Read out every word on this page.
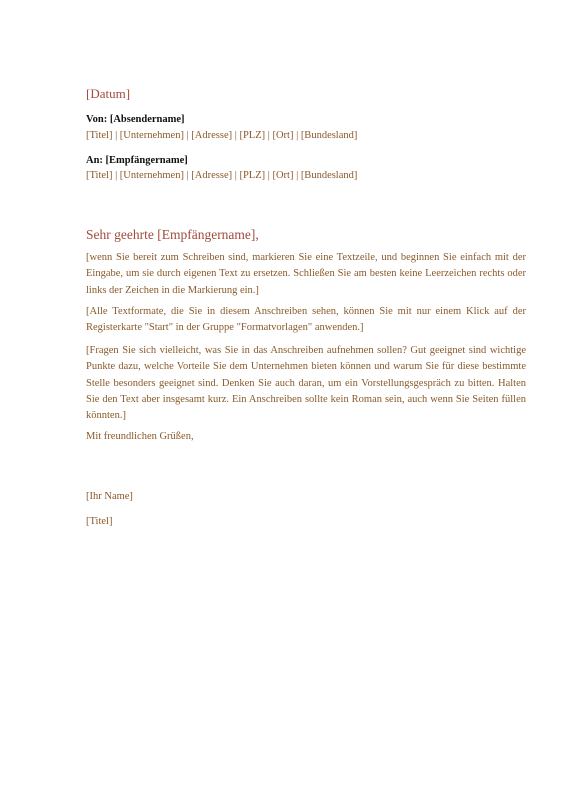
[Datum]
Von: [Absendername]
[Titel] | [Unternehmen] | [Adresse] | [PLZ] | [Ort] | [Bundesland]
An: [Empfängername]
[Titel] | [Unternehmen] | [Adresse] | [PLZ] | [Ort] | [Bundesland]
Sehr geehrte [Empfängername],
[wenn Sie bereit zum Schreiben sind, markieren Sie eine Textzeile, und beginnen Sie einfach mit der Eingabe, um sie durch eigenen Text zu ersetzen. Schließen Sie am besten keine Leerzeichen rechts oder links der Zeichen in die Markierung ein.]
[Alle Textformate, die Sie in diesem Anschreiben sehen, können Sie mit nur einem Klick auf der Registerkarte "Start" in der Gruppe "Formatvorlagen" anwenden.]
[Fragen Sie sich vielleicht, was Sie in das Anschreiben aufnehmen sollen? Gut geeignet sind wichtige Punkte dazu, welche Vorteile Sie dem Unternehmen bieten können und warum Sie für diese bestimmte Stelle besonders geeignet sind. Denken Sie auch daran, um ein Vorstellungsgespräch zu bitten. Halten Sie den Text aber insgesamt kurz. Ein Anschreiben sollte kein Roman sein, auch wenn Sie Seiten füllen könnten.]
Mit freundlichen Grüßen,
[Ihr Name]
[Titel]
